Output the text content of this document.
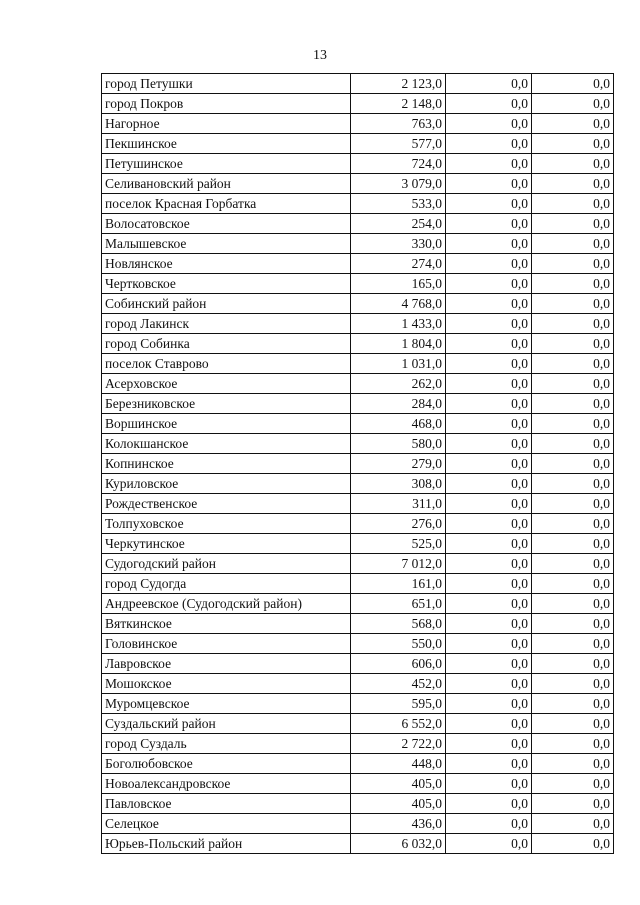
13
город Петушки	2 123,0	0,0	0,0
город Покров	2 148,0	0,0	0,0
Нагорное	763,0	0,0	0,0
Пекшинское	577,0	0,0	0,0
Петушинское	724,0	0,0	0,0
Селивановский район	3 079,0	0,0	0,0
поселок Красная Горбатка	533,0	0,0	0,0
Волосатовское	254,0	0,0	0,0
Малышевское	330,0	0,0	0,0
Новлянское	274,0	0,0	0,0
Чертковское	165,0	0,0	0,0
Собинский район	4 768,0	0,0	0,0
город Лакинск	1 433,0	0,0	0,0
город Собинка	1 804,0	0,0	0,0
поселок Ставрово	1 031,0	0,0	0,0
Асерховское	262,0	0,0	0,0
Березниковское	284,0	0,0	0,0
Воршинское	468,0	0,0	0,0
Колокшанское	580,0	0,0	0,0
Копнинское	279,0	0,0	0,0
Куриловское	308,0	0,0	0,0
Рождественское	311,0	0,0	0,0
Толпуховское	276,0	0,0	0,0
Черкутинское	525,0	0,0	0,0
Судогодский район	7 012,0	0,0	0,0
город Судогда	161,0	0,0	0,0
Андреевское (Судогодский район)	651,0	0,0	0,0
Вяткинское	568,0	0,0	0,0
Головинское	550,0	0,0	0,0
Лавровское	606,0	0,0	0,0
Мошокское	452,0	0,0	0,0
Муромцевское	595,0	0,0	0,0
Суздальский район	6 552,0	0,0	0,0
город Суздаль	2 722,0	0,0	0,0
Боголюбовское	448,0	0,0	0,0
Новоалександровское	405,0	0,0	0,0
Павловское	405,0	0,0	0,0
Селецкое	436,0	0,0	0,0
Юрьев-Польский район	6 032,0	0,0	0,0
